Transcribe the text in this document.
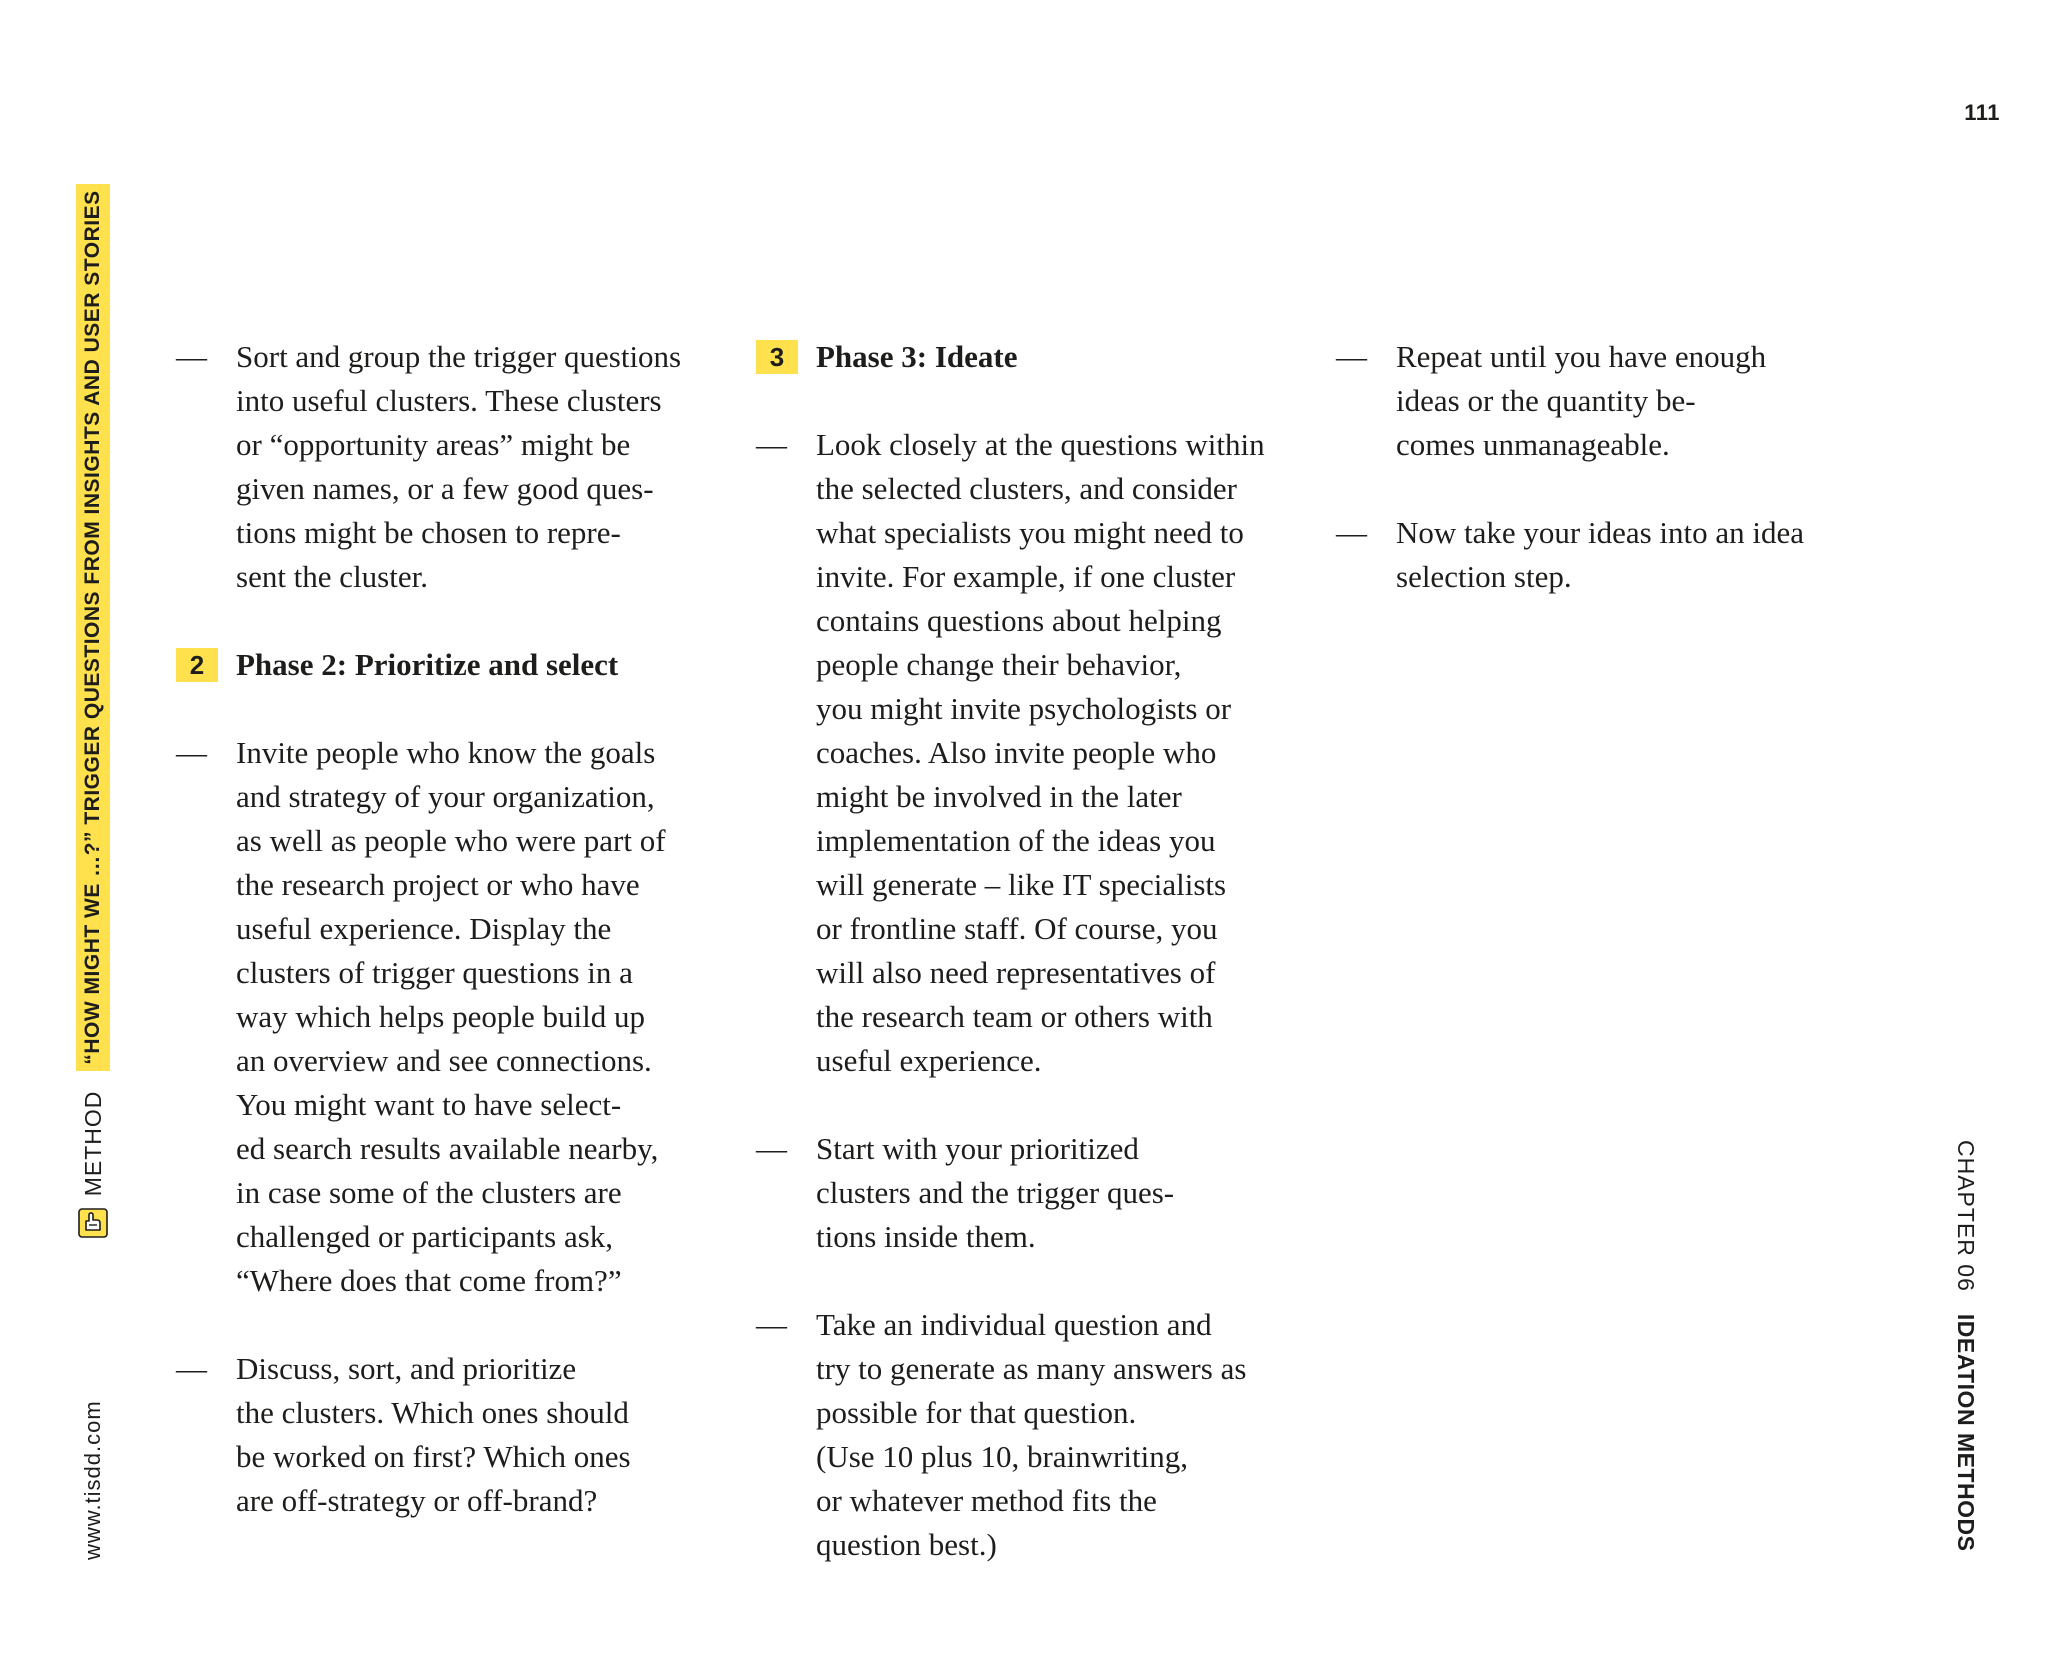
111
www.tisdd.com
METHOD
“HOW MIGHT WE …?” TRIGGER QUESTIONS FROM INSIGHTS AND USER STORIES
CHAPTER 06
IDEATION METHODS
— Sort and group the trigger questions
into useful clusters. These clusters
or “opportunity areas” might be
given names, or a few good ques-
tions might be chosen to repre-
sent the cluster.
2	Phase 2: Prioritize and select
— Invite people who know the goals
and strategy of your organization,
as well as people who were part of
the research project or who have
useful experience. Display the
clusters of trigger questions in a
way which helps people build up
an overview and see connections.
You might want to have select-
ed search results available nearby,
in case some of the clusters are
challenged or participants ask,
“Where does that come from?”
— Discuss, sort, and prioritize
the clusters. Which ones should
be worked on first? Which ones
are off-strategy or off-brand?
3	Phase 3: Ideate
— Look closely at the questions within
the selected clusters, and consider
what specialists you might need to
invite. For example, if one cluster
contains questions about helping
people change their behavior,
you might invite psychologists or
coaches. Also invite people who
might be involved in the later
implementation of the ideas you
will generate – like IT specialists
or frontline staff. Of course, you
will also need representatives of
the research team or others with
useful experience.
— Start with your prioritized
clusters and the trigger ques-
tions inside them.
— Take an individual question and
try to generate as many answers as
possible for that question.
(Use 10 plus 10, brainwriting,
or whatever method fits the
question best.)
— Repeat until you have enough
ideas or the quantity be-
comes unmanageable.
— Now take your ideas into an idea
selection step.
